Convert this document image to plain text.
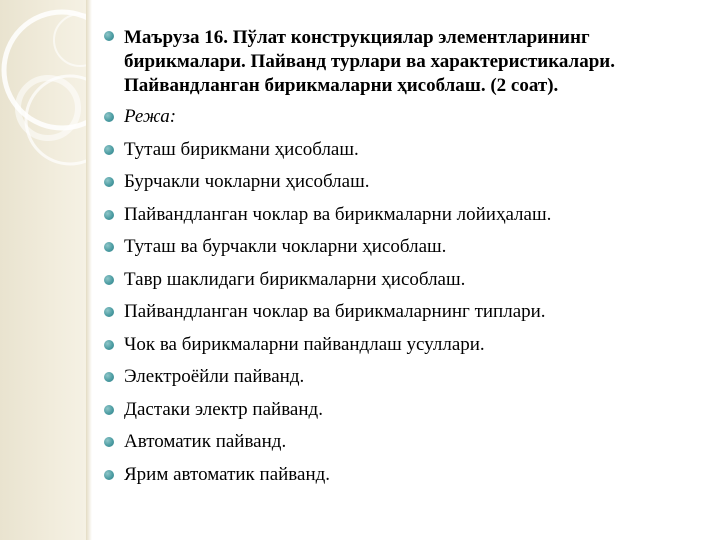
Маъруза 16. Пўлат конструкциялар элементларининг бирикмалари. Пайванд турлари ва характеристикалари. Пайвандланган бирикмаларни ҳисоблаш. (2 соат).
Режа:
Туташ бирикмани ҳисоблаш.
Бурчакли чокларни ҳисоблаш.
Пайвандланган чоклар ва бирикмаларни лойиҳалаш.
Туташ ва бурчакли чокларни ҳисоблаш.
Тавр шаклидаги бирикмаларни ҳисоблаш.
Пайвандланган чоклар ва бирикмаларнинг типлари.
Чок ва бирикмаларни пайвандлаш усуллари.
Электроёйли пайванд.
Дастаки электр пайванд.
Автоматик пайванд.
Ярим автоматик пайванд.
